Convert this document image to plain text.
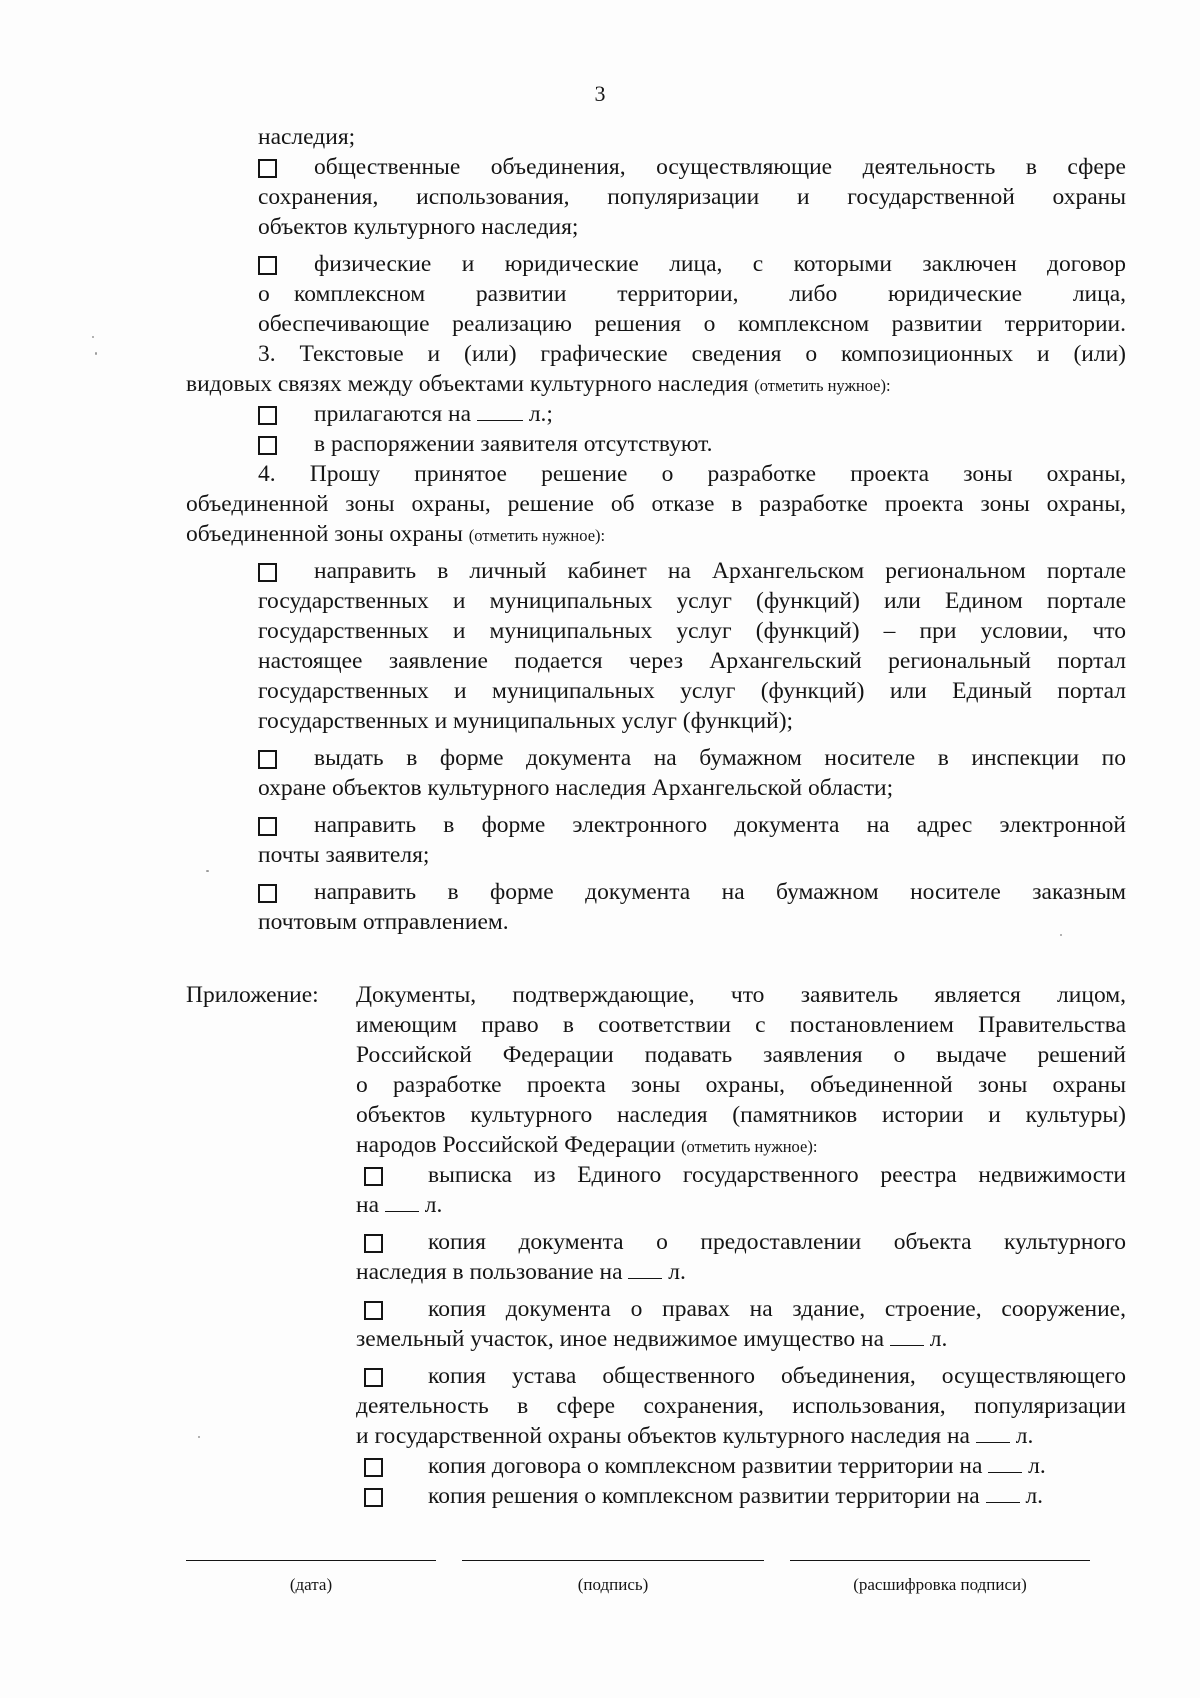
3
наследия;
общественные объединения, осуществляющие деятельность в сфере
сохранения, использования, популяризации и государственной охраны
объектов культурного наследия;
физические и юридические лица, с которыми заключен договор
о комплексном развитии территории, либо юридические лица,
обеспечивающие реализацию решения о комплексном развитии территории.
3. Текстовые и (или) графические сведения о композиционных и (или)
видовых связях между объектами культурного наследия (отметить нужное):
прилагаются на л.;
в распоряжении заявителя отсутствуют.
4. Прошу принятое решение о разработке проекта зоны охраны,
объединенной зоны охраны, решение об отказе в разработке проекта зоны охраны,
объединенной зоны охраны (отметить нужное):
направить в личный кабинет на Архангельском региональном портале
государственных и муниципальных услуг (функций) или Едином портале
государственных и муниципальных услуг (функций) – при условии, что
настоящее заявление подается через Архангельский региональный портал
государственных и муниципальных услуг (функций) или Единый портал
государственных и муниципальных услуг (функций);
выдать в форме документа на бумажном носителе в инспекции по
охране объектов культурного наследия Архангельской области;
направить в форме электронного документа на адрес электронной
почты заявителя;
направить в форме документа на бумажном носителе заказным
почтовым отправлением.
Приложение: Документы, подтверждающие, что заявитель является лицом,
имеющим право в соответствии с постановлением Правительства
Российской Федерации подавать заявления о выдаче решений
о разработке проекта зоны охраны, объединенной зоны охраны
объектов культурного наследия (памятников истории и культуры)
народов Российской Федерации (отметить нужное):
выписка из Единого государственного реестра недвижимости
на л.
копия документа о предоставлении объекта культурного
наследия в пользование на л.
копия документа о правах на здание, строение, сооружение,
земельный участок, иное недвижимое имущество на л.
копия устава общественного объединения, осуществляющего
деятельность в сфере сохранения, использования, популяризации
и государственной охраны объектов культурного наследия на л.
копия договора о комплексном развитии территории на л.
копия решения о комплексном развитии территории на л.
(дата)	(подпись)	(расшифровка подписи)
